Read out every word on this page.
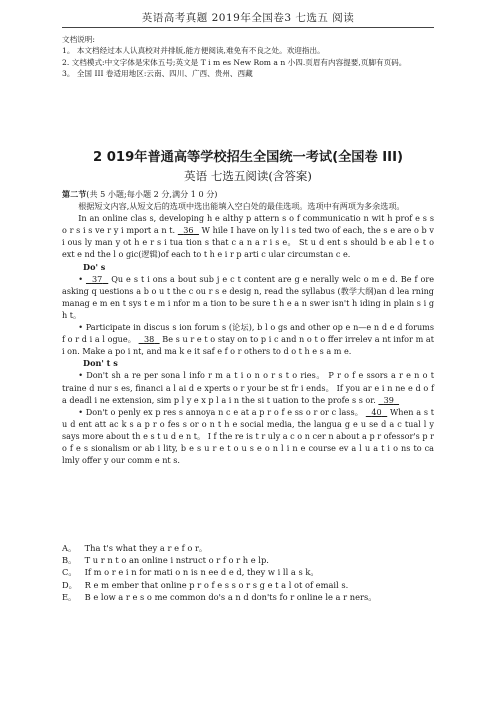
英语高考真题 2019年全国卷3 七选五 阅读
文档说明:
1。 本文档经过本人认真校对并排版,能方便阅读,难免有不良之处。欢迎指出。
2. 文档模式:中文字体是宋体五号;英文是 T i m es New Rom a n 小四.页眉有内容提要,页脚有页码。
3。 全国 III 卷适用地区:云南、四川、广西、贵州、西藏
2 019年普通高等学校招生全国统一考试(全国卷 III)
英语 七选五阅读(含答案)

第二节(共 5 小题;每小题 2 分,满分 1 0 分)

根据短文内容,从短文后的选项中选出能填入空白处的最佳选项。选项中有两项为多余选项。

In an online clas s, developing h e althy p attern s o f communicatio n wit h prof e s s o r s i s ve r y i mport a n t. 36   W hile I have on ly l i s ted two of each, the s e are o b v i ous ly man y ot h e r s i tua tion s that c a n a r i s e。 St u d ent s should b e ab l e t o ext e nd the l o gic(逻辑)of each to t h e i r p arti c ular circumstan c e.

Do' s

•   37   Qu e s t i ons a bout sub j e c t content are g e nerally welc o m e d. Be f ore asking q uestions a b o u t the c ou r s e desig n, read the syllabus (教学大纲)an d lea rning manag e m en t sys t e m i nfor m a tion to be sure t h e a n swer isn't h iding in plain s i g h t。

• Participate in discus s ion forum s (论坛), b l o gs and other op e n—e n d e d forums f o r d i a l ogue。 38   Be s u r e t o stay on to p i c and n o t o ffer irrelev a nt infor m at i on. Make a po i nt, and ma k e it saf e f o r others to d o t h e s a m e.

Don' t s

• Don't sh a re per sona l info r m a t i o n o r s t o ries。 P r o f e ssors a r e n o t traine d nur s es, financi a l ai d e xperts o r your be st fr i ends。 If you ar e i n ne e d o f a deadl i ne extension, sim p l y e x p l a i n the si t uation to the profe s s or. 39

• Don't o penly ex p res s annoya n c e at a p r o f e ss o r or c lass。 40   When a s t u d ent att ac k s a p r o fes s or o n t h e social media, the langua g e u se d a c tual l y says more about th e s t u d e n t。 I f the re is t r uly a c o n cer n about a p r ofessor's p r o f e s sionalism or ab i lity, b e s u r e t o u s e o n l i n e course ev a l u a t i o ns to ca lmly offer y our comm e nt s.

A。 Tha t's what they a r e f o r。
B。 T u r n t o an online i nstruct o r f o r h e lp.
C。 If m o r e i n for mati o n is n ee d e d, they w i ll a s k。
D。 R e m ember that online p r o f e s s o r s g e t a l ot of email s.
E。 B e low a r e s o me common do's a n d don'ts fo r online le a r ners。
